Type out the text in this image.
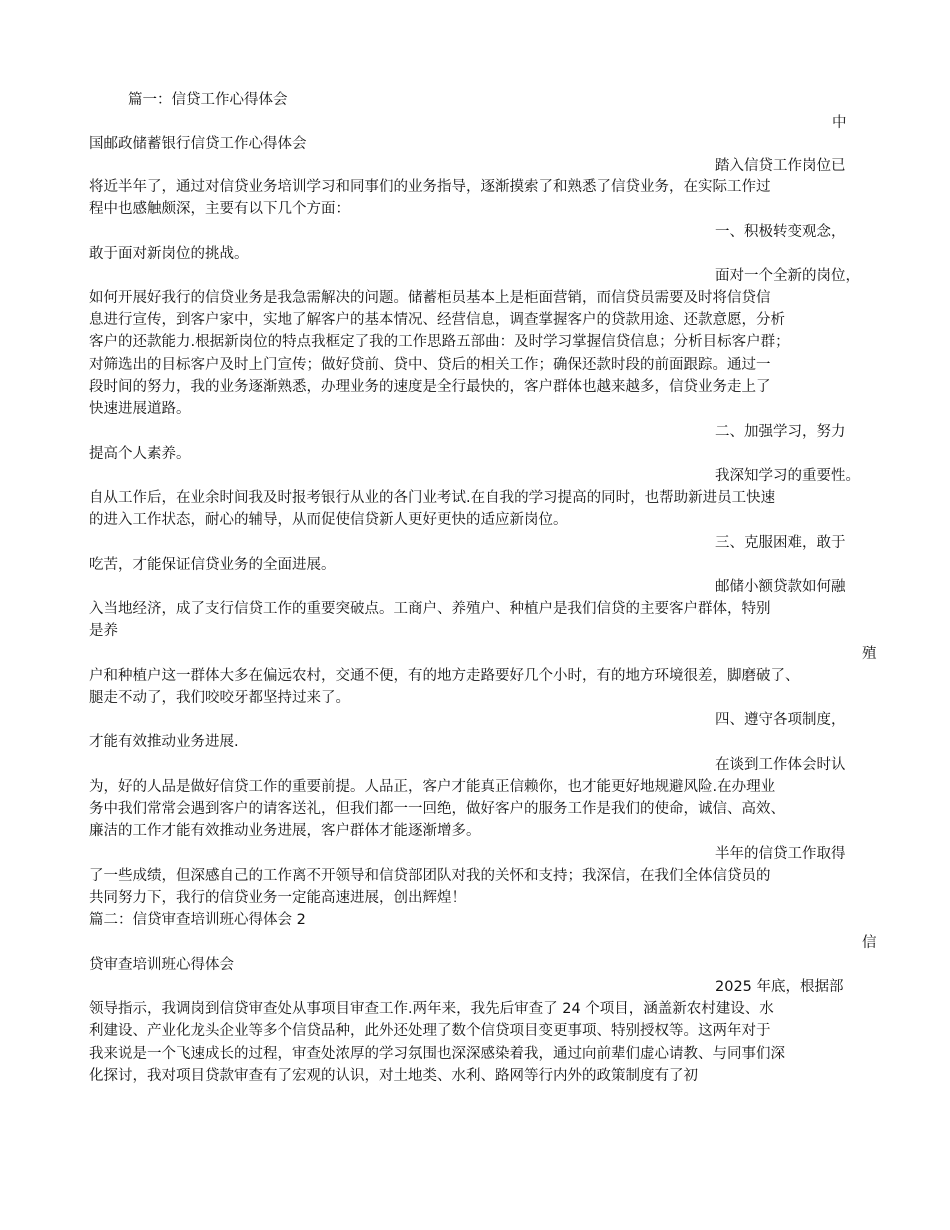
篇一：信贷工作心得体会
中
国邮政储蓄银行信贷工作心得体会
踏入信贷工作岗位已
将近半年了，通过对信贷业务培训学习和同事们的业务指导，逐渐摸索了和熟悉了信贷业务，在实际工作过
程中也感触颇深，主要有以下几个方面：
一、积极转变观念，
敢于面对新岗位的挑战。
面对一个全新的岗位，
如何开展好我行的信贷业务是我急需解决的问题。储蓄柜员基本上是柜面营销，而信贷员需要及时将信贷信
息进行宣传，到客户家中，实地了解客户的基本情况、经营信息，调查掌握客户的贷款用途、还款意愿，分析
客户的还款能力.根据新岗位的特点我框定了我的工作思路五部曲：及时学习掌握信贷信息；分析目标客户群；
对筛选出的目标客户及时上门宣传；做好贷前、贷中、贷后的相关工作；确保还款时段的前面跟踪。通过一
段时间的努力，我的业务逐渐熟悉，办理业务的速度是全行最快的，客户群体也越来越多，信贷业务走上了
快速进展道路。
二、加强学习，努力
提高个人素养。
我深知学习的重要性。
自从工作后，在业余时间我及时报考银行从业的各门业考试.在自我的学习提高的同时，也帮助新进员工快速
的进入工作状态，耐心的辅导，从而促使信贷新人更好更快的适应新岗位。
三、克服困难，敢于
吃苦，才能保证信贷业务的全面进展。
邮储小额贷款如何融
入当地经济，成了支行信贷工作的重要突破点。工商户、养殖户、种植户是我们信贷的主要客户群体，特别
是养
殖
户和种植户这一群体大多在偏远农村，交通不便，有的地方走路要好几个小时，有的地方环境很差，脚磨破了、
腿走不动了，我们咬咬牙都坚持过来了。
四、遵守各项制度，
才能有效推动业务进展.
在谈到工作体会时认
为，好的人品是做好信贷工作的重要前提。人品正，客户才能真正信赖你，也才能更好地规避风险.在办理业
务中我们常常会遇到客户的请客送礼，但我们都一一回绝，做好客户的服务工作是我们的使命，诚信、高效、
廉洁的工作才能有效推动业务进展，客户群体才能逐渐增多。
半年的信贷工作取得
了一些成绩，但深感自己的工作离不开领导和信贷部团队对我的关怀和支持；我深信，在我们全体信贷员的
共同努力下，我行的信贷业务一定能高速进展，创出辉煌！
篇二：信贷审查培训班心得体会 2
信
贷审查培训班心得体会
2025 年底，根据部
领导指示，我调岗到信贷审查处从事项目审查工作.两年来，我先后审查了 24 个项目，涵盖新农村建设、水
利建设、产业化龙头企业等多个信贷品种，此外还处理了数个信贷项目变更事项、特别授权等。这两年对于
我来说是一个飞速成长的过程，审查处浓厚的学习氛围也深深感染着我，通过向前辈们虚心请教、与同事们深
化探讨，我对项目贷款审查有了宏观的认识，对土地类、水利、路网等行内外的政策制度有了初
